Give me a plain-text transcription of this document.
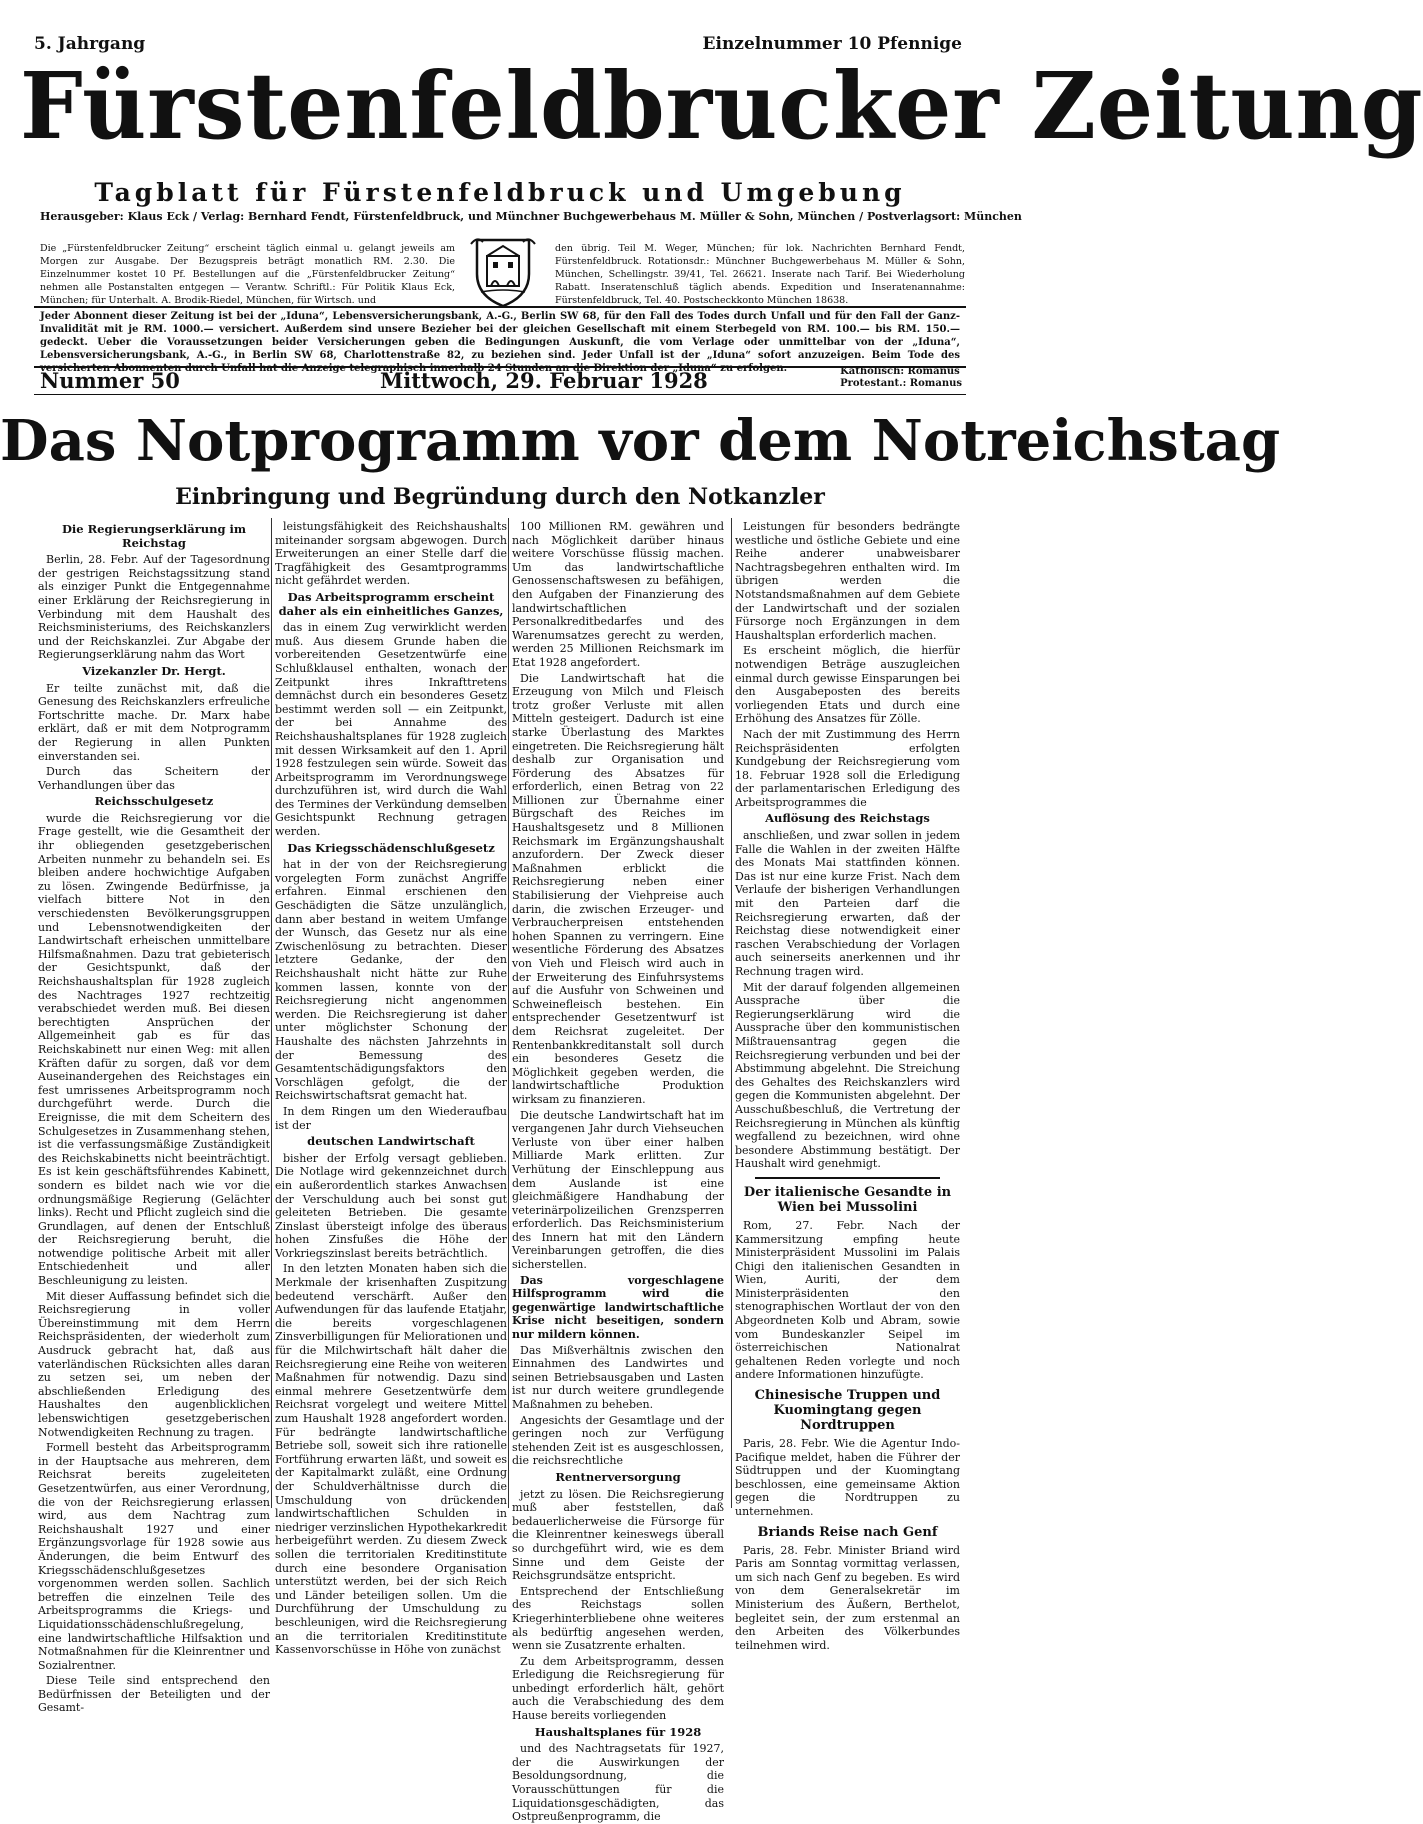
5. Jahrgang	Einzelnummer 10 Pfennige
Fürstenfeldbrucker Zeitung
Tagblatt für Fürstenfeldbruck und Umgebung
Herausgeber: Klaus Eck / Verlag: Bernhard Fendt, Fürstenfeldbruck, und Münchner Buchgewerbehaus M. Müller & Sohn, München / Postverlagsort: München
Die „Fürstenfeldbrucker Zeitung“ erscheint täglich einmal u. gelangt jeweils am Morgen zur Ausgabe. Der Bezugspreis beträgt monatlich RM. 2.30. Die Einzelnummer kostet 10 Pf. Bestellungen auf die „Fürstenfeldbrucker Zeitung“ nehmen alle Postanstalten entgegen — Verantw. Schriftl.: Für Politik Klaus Eck, München; für Unterhalt. A. Brodik-Riedel, München, für Wirtsch. und
den übrig. Teil M. Weger, München; für lok. Nachrichten Bernhard Fendt, Fürstenfeldbruck. Rotationsdr.: Münchner Buchgewerbehaus M. Müller & Sohn, München, Schellingstr. 39/41, Tel. 26621. Inserate nach Tarif. Bei Wiederholung Rabatt. Inseratenschluß täglich abends. Expedition und Inseratenannahme: Fürstenfeldbruck, Tel. 40. Postscheckkonto München 18638.
Jeder Abonnent dieser Zeitung ist bei der „Iduna“, Lebensversicherungsbank, A.-G., Berlin SW 68, für den Fall des Todes durch Unfall und für den Fall der Ganz-Invalidität mit je RM. 1000.— versichert. Außerdem sind unsere Bezieher bei der gleichen Gesellschaft mit einem Sterbegeld von RM. 100.— bis RM. 150.— gedeckt. Ueber die Voraussetzungen beider Versicherungen geben die Bedingungen Auskunft, die vom Verlage oder unmittelbar von der „Iduna“, Lebensversicherungsbank, A.-G., in Berlin SW 68, Charlottenstraße 82, zu beziehen sind. Jeder Unfall ist der „Iduna“ sofort anzuzeigen. Beim Tode des versicherten Abonnenten durch Unfall hat die Anzeige telegraphisch innerhalb 24 Stunden an die Direktion der „Iduna“ zu erfolgen.
Nummer 50	Mittwoch, 29. Februar 1928	Katholisch: Romanus
Protestant.: Romanus
Das Notprogramm vor dem Notreichstag
Einbringung und Begründung durch den Notkanzler

Die Regierungserklärung im Reichstag

Berlin, 28. Febr. Auf der Tagesordnung der gestrigen Reichstagssitzung stand als einziger Punkt die Entgegennahme einer Erklärung der Reichsregierung in Verbindung mit dem Haushalt des Reichsministeriums, des Reichskanzlers und der Reichskanzlei. Zur Abgabe der Regierungserklärung nahm das Wort

Vizekanzler Dr. Hergt.

Er teilte zunächst mit, daß die Genesung des Reichskanzlers erfreuliche Fortschritte mache. Dr. Marx habe erklärt, daß er mit dem Notprogramm der Regierung in allen Punkten einverstanden sei.

Durch das Scheitern der Verhandlungen über das

Reichsschulgesetz

wurde die Reichsregierung vor die Frage gestellt, wie die Gesamtheit der ihr obliegenden gesetzgeberischen Arbeiten nunmehr zu behandeln sei. Es bleiben andere hochwichtige Aufgaben zu lösen. Zwingende Bedürfnisse, ja vielfach bittere Not in den verschiedensten Bevölkerungsgruppen und Lebensnotwendigkeiten der Landwirtschaft erheischen unmittelbare Hilfsmaßnahmen. Dazu trat gebieterisch der Gesichtspunkt, daß der Reichshaushaltsplan für 1928 zugleich des Nachtrages 1927 rechtzeitig verabschiedet werden muß. Bei diesen berechtigten Ansprüchen der Allgemeinheit gab es für das Reichskabinett nur einen Weg: mit allen Kräften dafür zu sorgen, daß vor dem Auseinandergehen des Reichstages ein fest umrissenes Arbeitsprogramm noch durchgeführt werde. Durch die Ereignisse, die mit dem Scheitern des Schulgesetzes in Zusammenhang stehen, ist die verfassungsmäßige Zuständigkeit des Reichskabinetts nicht beeinträchtigt. Es ist kein geschäftsführendes Kabinett, sondern es bildet nach wie vor die ordnungsmäßige Regierung (Gelächter links). Recht und Pflicht zugleich sind die Grundlagen, auf denen der Entschluß der Reichsregierung beruht, die notwendige politische Arbeit mit aller Entschiedenheit und aller Beschleunigung zu leisten.

Mit dieser Auffassung befindet sich die Reichsregierung in voller Übereinstimmung mit dem Herrn Reichspräsidenten, der wiederholt zum Ausdruck gebracht hat, daß aus vaterländischen Rücksichten alles daran zu setzen sei, um neben der abschließenden Erledigung des Haushaltes den augenblicklichen lebenswichtigen gesetzgeberischen Notwendigkeiten Rechnung zu tragen.

Formell besteht das Arbeitsprogramm in der Hauptsache aus mehreren, dem Reichsrat bereits zugeleiteten Gesetzentwürfen, aus einer Verordnung, die von der Reichsregierung erlassen wird, aus dem Nachtrag zum Reichshaushalt 1927 und einer Ergänzungsvorlage für 1928 sowie aus Änderungen, die beim Entwurf des Kriegsschädenschlußgesetzes vorgenommen werden sollen. Sachlich betreffen die einzelnen Teile des Arbeitsprogramms die Kriegs- und Liquidationsschädenschlußregelung, eine landwirtschaftliche Hilfsaktion und Notmaßnahmen für die Kleinrentner und Sozialrentner.

Diese Teile sind entsprechend den Bedürfnissen der Beteiligten und der Gesamt-

leistungsfähigkeit des Reichshaushalts miteinander sorgsam abgewogen. Durch Erweiterungen an einer Stelle darf die Tragfähigkeit des Gesamtprogramms nicht gefährdet werden.

Das Arbeitsprogramm erscheint daher als ein einheitliches Ganzes,

das in einem Zug verwirklicht werden muß. Aus diesem Grunde haben die vorbereitenden Gesetzentwürfe eine Schlußklausel enthalten, wonach der Zeitpunkt ihres Inkrafttretens demnächst durch ein besonderes Gesetz bestimmt werden soll — ein Zeitpunkt, der bei Annahme des Reichshaushaltsplanes für 1928 zugleich mit dessen Wirksamkeit auf den 1. April 1928 festzulegen sein würde. Soweit das Arbeitsprogramm im Verordnungswege durchzuführen ist, wird durch die Wahl des Termines der Verkündung demselben Gesichtspunkt Rechnung getragen werden.

Das Kriegsschädenschlußgesetz

hat in der von der Reichsregierung vorgelegten Form zunächst Angriffe erfahren. Einmal erschienen den Geschädigten die Sätze unzulänglich, dann aber bestand in weitem Umfange der Wunsch, das Gesetz nur als eine Zwischenlösung zu betrachten. Dieser letztere Gedanke, der den Reichshaushalt nicht hätte zur Ruhe kommen lassen, konnte von der Reichsregierung nicht angenommen werden. Die Reichsregierung ist daher unter möglichster Schonung der Haushalte des nächsten Jahrzehnts in der Bemessung des Gesamtentschädigungsfaktors den Vorschlägen gefolgt, die der Reichswirtschaftsrat gemacht hat.

In dem Ringen um den Wiederaufbau ist der

deutschen Landwirtschaft

bisher der Erfolg versagt geblieben. Die Notlage wird gekennzeichnet durch ein außerordentlich starkes Anwachsen der Verschuldung auch bei sonst gut geleiteten Betrieben. Die gesamte Zinslast übersteigt infolge des überaus hohen Zinsfußes die Höhe der Vorkriegszinslast bereits beträchtlich.

In den letzten Monaten haben sich die Merkmale der krisenhaften Zuspitzung bedeutend verschärft. Außer den Aufwendungen für das laufende Etatjahr, die bereits vorgeschlagenen Zinsverbilligungen für Meliorationen und für die Milchwirtschaft hält daher die Reichsregierung eine Reihe von weiteren Maßnahmen für notwendig. Dazu sind einmal mehrere Gesetzentwürfe dem Reichsrat vorgelegt und weitere Mittel zum Haushalt 1928 angefordert worden. Für bedrängte landwirtschaftliche Betriebe soll, soweit sich ihre rationelle Fortführung erwarten läßt, und soweit es der Kapitalmarkt zuläßt, eine Ordnung der Schuldverhältnisse durch die Umschuldung von drückenden landwirtschaftlichen Schulden in niedriger verzinslichen Hypothekarkredit herbeigeführt werden. Zu diesem Zweck sollen die territorialen Kreditinstitute durch eine besondere Organisation unterstützt werden, bei der sich Reich und Länder beteiligen sollen. Um die Durchführung der Umschuldung zu beschleunigen, wird die Reichsregierung an die territorialen Kreditinstitute Kassenvorschüsse in Höhe von zunächst

100 Millionen RM. gewähren und nach Möglichkeit darüber hinaus weitere Vorschüsse flüssig machen. Um das landwirtschaftliche Genossenschaftswesen zu befähigen, den Aufgaben der Finanzierung des landwirtschaftlichen Personalkreditbedarfes und des Warenumsatzes gerecht zu werden, werden 25 Millionen Reichsmark im Etat 1928 angefordert.

Die Landwirtschaft hat die Erzeugung von Milch und Fleisch trotz großer Verluste mit allen Mitteln gesteigert. Dadurch ist eine starke Überlastung des Marktes eingetreten. Die Reichsregierung hält deshalb zur Organisation und Förderung des Absatzes für erforderlich, einen Betrag von 22 Millionen zur Übernahme einer Bürgschaft des Reiches im Haushaltsgesetz und 8 Millionen Reichsmark im Ergänzungshaushalt anzufordern. Der Zweck dieser Maßnahmen erblickt die Reichsregierung neben einer Stabilisierung der Viehpreise auch darin, die zwischen Erzeuger- und Verbraucherpreisen entstehenden hohen Spannen zu verringern. Eine wesentliche Förderung des Absatzes von Vieh und Fleisch wird auch in der Erweiterung des Einfuhrsystems auf die Ausfuhr von Schweinen und Schweinefleisch bestehen. Ein entsprechender Gesetzentwurf ist dem Reichsrat zugeleitet. Der Rentenbankkreditanstalt soll durch ein besonderes Gesetz die Möglichkeit gegeben werden, die landwirtschaftliche Produktion wirksam zu finanzieren.

Die deutsche Landwirtschaft hat im vergangenen Jahr durch Viehseuchen Verluste von über einer halben Milliarde Mark erlitten. Zur Verhütung der Einschleppung aus dem Auslande ist eine gleichmäßigere Handhabung der veterinärpolizeilichen Grenzsperren erforderlich. Das Reichsministerium des Innern hat mit den Ländern Vereinbarungen getroffen, die dies sicherstellen.

Das vorgeschlagene Hilfsprogramm wird die gegenwärtige landwirtschaftliche Krise nicht beseitigen, sondern nur mildern können.

Das Mißverhältnis zwischen den Einnahmen des Landwirtes und seinen Betriebsausgaben und Lasten ist nur durch weitere grundlegende Maßnahmen zu beheben.

Angesichts der Gesamtlage und der geringen noch zur Verfügung stehenden Zeit ist es ausgeschlossen, die reichsrechtliche

Rentnerversorgung

jetzt zu lösen. Die Reichsregierung muß aber feststellen, daß bedauerlicherweise die Fürsorge für die Kleinrentner keineswegs überall so durchgeführt wird, wie es dem Sinne und dem Geiste der Reichsgrundsätze entspricht.

Entsprechend der Entschließung des Reichstags sollen Kriegerhinterbliebene ohne weiteres als bedürftig angesehen werden, wenn sie Zusatzrente erhalten.

Zu dem Arbeitsprogramm, dessen Erledigung die Reichsregierung für unbedingt erforderlich hält, gehört auch die Verabschiedung des dem Hause bereits vorliegenden

Haushaltsplanes für 1928

und des Nachtragsetats für 1927, der die Auswirkungen der Besoldungsordnung, die Vorausschüttungen für die Liquidationsgeschädigten, das Ostpreußenprogramm, die

Leistungen für besonders bedrängte westliche und östliche Gebiete und eine Reihe anderer unabweisbarer Nachtragsbegehren enthalten wird. Im übrigen werden die Notstandsmaßnahmen auf dem Gebiete der Landwirtschaft und der sozialen Fürsorge noch Ergänzungen in dem Haushaltsplan erforderlich machen.

Es erscheint möglich, die hierfür notwendigen Beträge auszugleichen einmal durch gewisse Einsparungen bei den Ausgabeposten des bereits vorliegenden Etats und durch eine Erhöhung des Ansatzes für Zölle.

Nach der mit Zustimmung des Herrn Reichspräsidenten erfolgten Kundgebung der Reichsregierung vom 18. Februar 1928 soll die Erledigung der parlamentarischen Erledigung des Arbeitsprogrammes die

Auflösung des Reichstags

anschließen, und zwar sollen in jedem Falle die Wahlen in der zweiten Hälfte des Monats Mai stattfinden können. Das ist nur eine kurze Frist. Nach dem Verlaufe der bisherigen Verhandlungen mit den Parteien darf die Reichsregierung erwarten, daß der Reichstag diese notwendigkeit einer raschen Verabschiedung der Vorlagen auch seinerseits anerkennen und ihr Rechnung tragen wird.

Mit der darauf folgenden allgemeinen Aussprache über die Regierungserklärung wird die Aussprache über den kommunistischen Mißtrauensantrag gegen die Reichsregierung verbunden und bei der Abstimmung abgelehnt. Die Streichung des Gehaltes des Reichskanzlers wird gegen die Kommunisten abgelehnt. Der Ausschußbeschluß, die Vertretung der Reichsregierung in München als künftig wegfallend zu bezeichnen, wird ohne besondere Abstimmung bestätigt. Der Haushalt wird genehmigt.

Der italienische Gesandte in Wien bei Mussolini

Rom, 27. Febr. Nach der Kammersitzung empfing heute Ministerpräsident Mussolini im Palais Chigi den italienischen Gesandten in Wien, Auriti, der dem Ministerpräsidenten den stenographischen Wortlaut der von den Abgeordneten Kolb und Abram, sowie vom Bundeskanzler Seipel im österreichischen Nationalrat gehaltenen Reden vorlegte und noch andere Informationen hinzufügte.

Chinesische Truppen und Kuomingtang gegen Nordtruppen

Paris, 28. Febr. Wie die Agentur Indo-Pacifique meldet, haben die Führer der Südtruppen und der Kuomingtang beschlossen, eine gemeinsame Aktion gegen die Nordtruppen zu unternehmen.

Briands Reise nach Genf

Paris, 28. Febr. Minister Briand wird Paris am Sonntag vormittag verlassen, um sich nach Genf zu begeben. Es wird von dem Generalsekretär im Ministerium des Äußern, Berthelot, begleitet sein, der zum erstenmal an den Arbeiten des Völkerbundes teilnehmen wird.
